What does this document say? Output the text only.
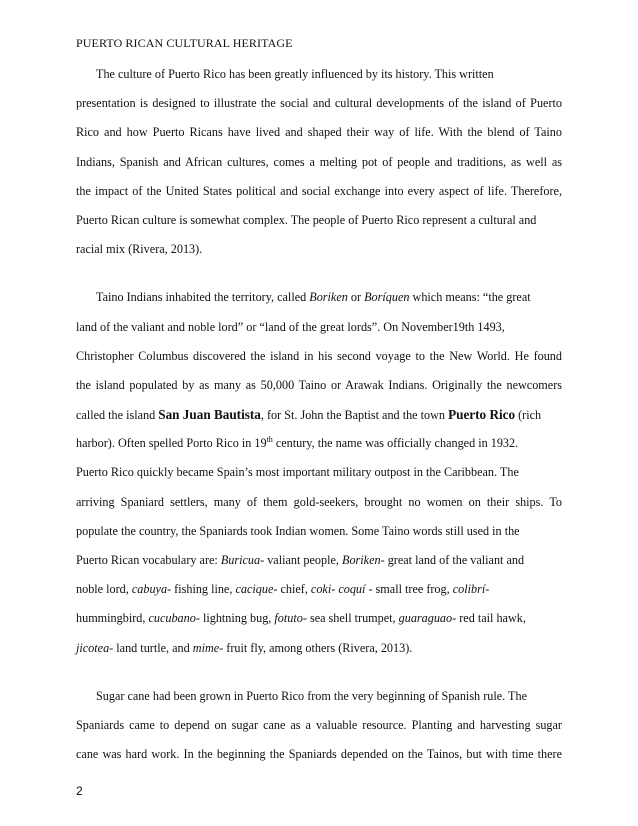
PUERTO RICAN CULTURAL HERITAGE
The culture of Puerto Rico has been greatly influenced by its history. This written
presentation is designed to illustrate the social and cultural developments of the island of Puerto
Rico and how Puerto Ricans have lived and shaped their way of life. With the blend of Taino
Indians, Spanish and African cultures, comes a melting pot of people and traditions, as well as
the impact of the United States political and social exchange into every aspect of life. Therefore,
Puerto Rican culture is somewhat complex. The people of Puerto Rico represent a cultural and
racial mix (Rivera, 2013).
Taino Indians inhabited the territory, called Boriken or Boríquen which means: “the great
land of the valiant and noble lord” or “land of the great lords”. On November19th 1493,
Christopher Columbus discovered the island in his second voyage to the New World. He found
the island populated by as many as 50,000 Taino or Arawak Indians. Originally the newcomers
called the island San Juan Bautista, for St. John the Baptist and the town Puerto Rico (rich
harbor). Often spelled Porto Rico in 19th century, the name was officially changed in 1932.
Puerto Rico quickly became Spain’s most important military outpost in the Caribbean. The
arriving Spaniard settlers, many of them gold-seekers, brought no women on their ships. To
populate the country, the Spaniards took Indian women. Some Taino words still used in the
Puerto Rican vocabulary are: Buricua- valiant people, Boriken- great land of the valiant and
noble lord, cabuya- fishing line, cacique- chief, coki- coquí - small tree frog, colibrí-
hummingbird, cucubano- lightning bug, fotuto- sea shell trumpet, guaraguao- red tail hawk,
jicotea- land turtle, and mime- fruit fly, among others (Rivera, 2013).
Sugar cane had been grown in Puerto Rico from the very beginning of Spanish rule. The
Spaniards came to depend on sugar cane as a valuable resource. Planting and harvesting sugar
cane was hard work. In the beginning the Spaniards depended on the Tainos, but with time there
2
